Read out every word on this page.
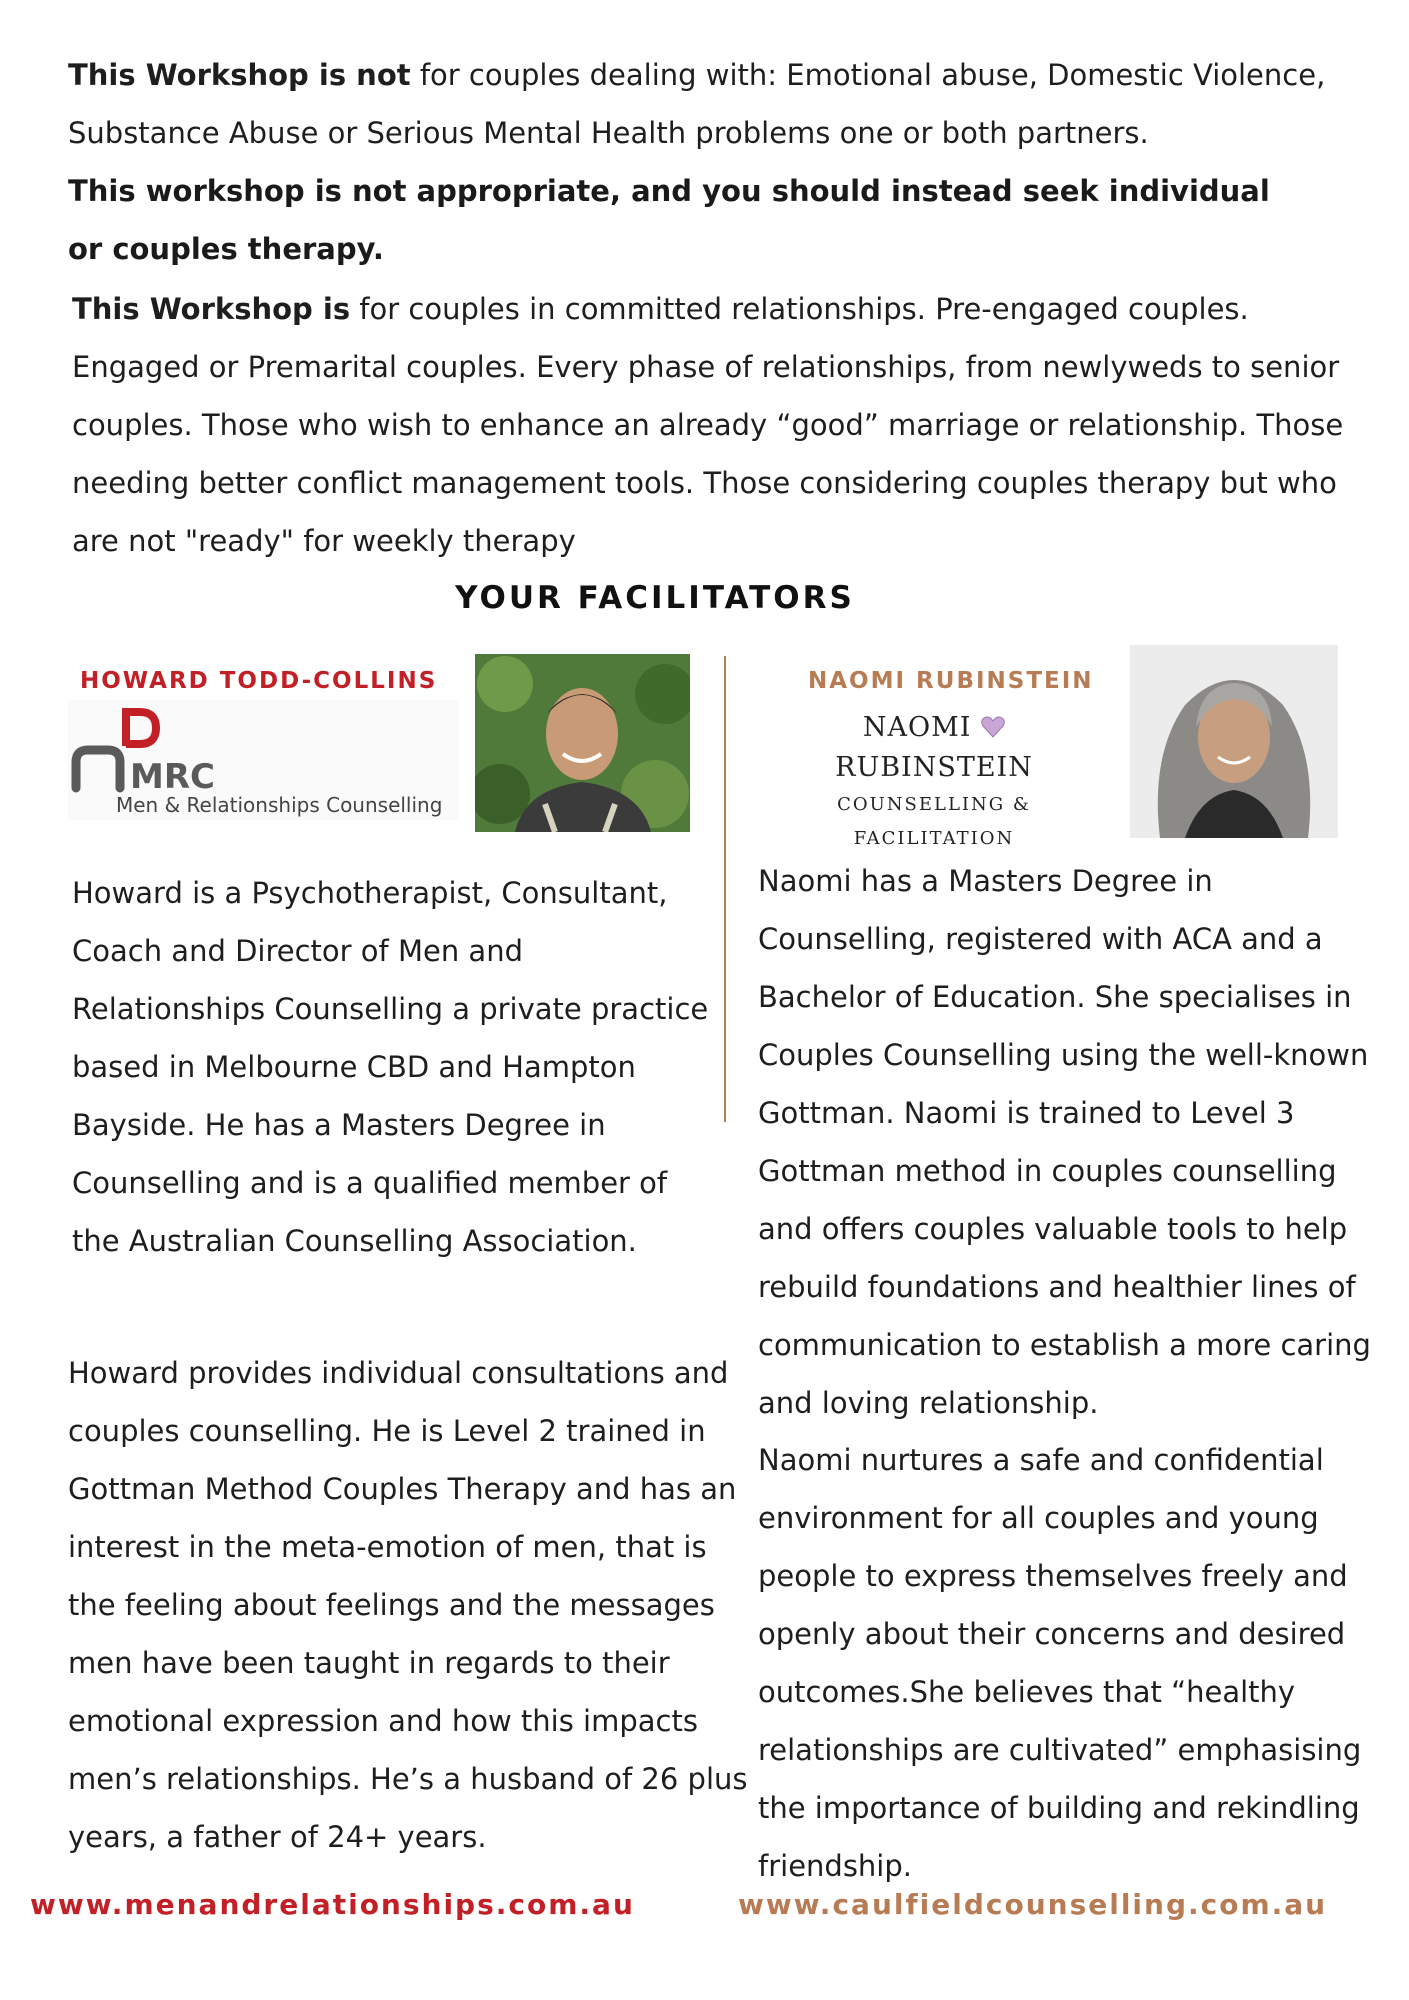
This Workshop is not for couples dealing with: Emotional abuse, Domestic Violence, Substance Abuse or Serious Mental Health problems one or both partners.
This workshop is not appropriate, and you should instead seek individual or couples therapy.
This Workshop is for couples in committed relationships. Pre-engaged couples. Engaged or Premarital couples. Every phase of relationships, from newlyweds to senior couples. Those who wish to enhance an already “good” marriage or relationship. Those needing better conflict management tools. Those considering couples therapy but who are not "ready" for weekly therapy
YOUR FACILITATORS
HOWARD TODD-COLLINS
MRC
Men & Relationships Counselling
NAOMI RUBINSTEIN
NAOMI  RUBINSTEIN
COUNSELLING & FACILITATION
Howard is a Psychotherapist, Consultant, Coach and Director of Men and Relationships Counselling a private practice based in Melbourne CBD and Hampton Bayside. He has a Masters Degree in Counselling and is a qualified member of the Australian Counselling Association.
Howard provides individual consultations and couples counselling. He is Level 2 trained in Gottman Method Couples Therapy and has an interest in the meta-emotion of men, that is the feeling about feelings and the messages men have been taught in regards to their emotional expression and how this impacts men’s relationships. He’s a husband of 26 plus years, a father of 24+ years.
Naomi has a Masters Degree in Counselling, registered with ACA and a Bachelor of Education. She specialises in Couples Counselling using the well-known Gottman. Naomi is trained to Level 3 Gottman method in couples counselling and offers couples valuable tools to help rebuild foundations and healthier lines of communication to establish a more caring and loving relationship.
Naomi nurtures a safe and confidential environment for all couples and young people to express themselves freely and openly about their concerns and desired outcomes.She believes that “healthy relationships are cultivated” emphasising the importance of building and rekindling friendship.
www.menandrelationships.com.au	www.caulfieldcounselling.com.au
